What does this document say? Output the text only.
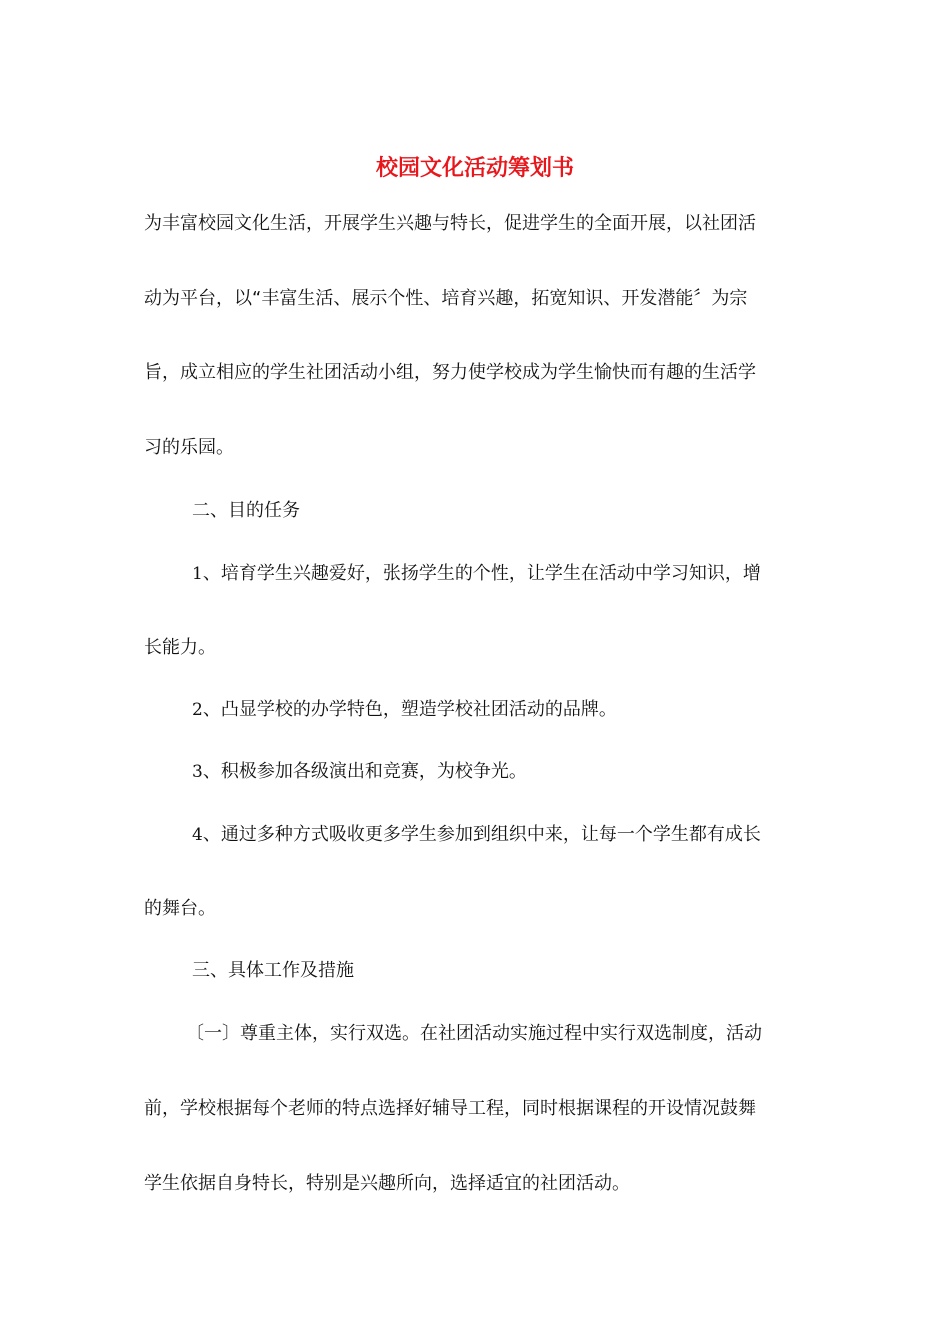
校园文化活动筹划书

为丰富校园文化生活，开展学生兴趣与特长，促进学生的全面开展，以社团活

动为平台，以“丰富生活、展示个性、培育兴趣，拓宽知识、开发潜能〞为宗

旨，成立相应的学生社团活动小组，努力使学校成为学生愉快而有趣的生活学

习的乐园。

二、目的任务

1、培育学生兴趣爱好，张扬学生的个性，让学生在活动中学习知识，增

长能力。

2、凸显学校的办学特色，塑造学校社团活动的品牌。

3、积极参加各级演出和竞赛，为校争光。

4、通过多种方式吸收更多学生参加到组织中来，让每一个学生都有成长

的舞台。

三、具体工作及措施

〔一〕尊重主体，实行双选。在社团活动实施过程中实行双选制度，活动

前，学校根据每个老师的特点选择好辅导工程，同时根据课程的开设情况鼓舞

学生依据自身特长，特别是兴趣所向，选择适宜的社团活动。
